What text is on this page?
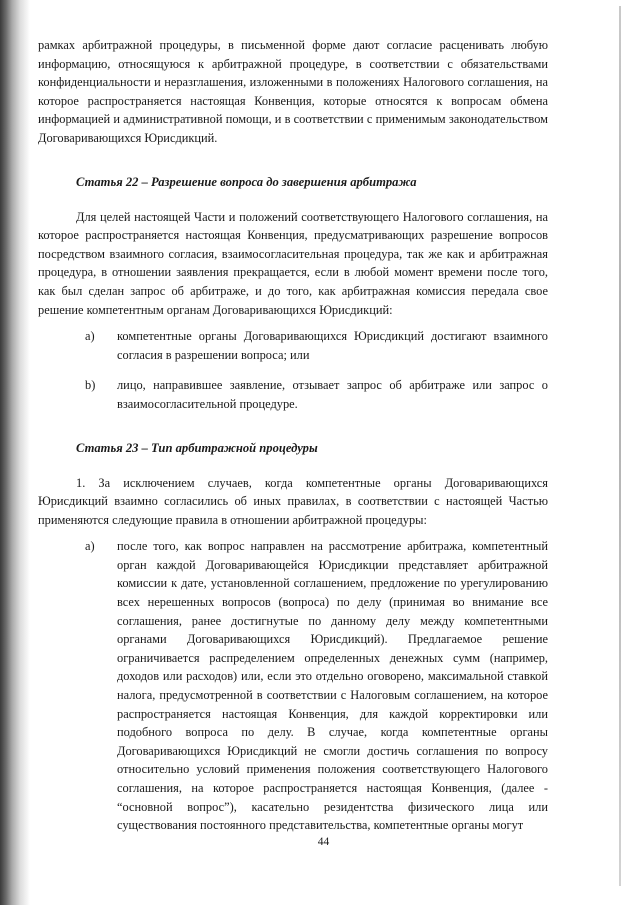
рамках арбитражной процедуры, в письменной форме дают согласие расценивать любую информацию, относящуюся к арбитражной процедуре, в соответствии с обязательствами конфиденциальности и неразглашения, изложенными в положениях Налогового соглашения, на которое распространяется настоящая Конвенция, которые относятся к вопросам обмена информацией и административной помощи, и в соответствии с применимым законодательством Договаривающихся Юрисдикций.

Статья 22 – Разрешение вопроса до завершения арбитража

Для целей настоящей Части и положений соответствующего Налогового соглашения, на которое распространяется настоящая Конвенция, предусматривающих разрешение вопросов посредством взаимного согласия, взаимосогласительная процедура, так же как и арбитражная процедура, в отношении заявления прекращается, если в любой момент времени после того, как был сделан запрос об арбитраже, и до того, как арбитражная комиссия передала свое решение компетентным органам Договаривающихся Юрисдикций:

a)	компетентные органы Договаривающихся Юрисдикций достигают взаимного согласия в разрешении вопроса; или
b)	лицо, направившее заявление, отзывает запрос об арбитраже или запрос о взаимосогласительной процедуре.
Статья 23 – Тип арбитражной процедуры

1. За исключением случаев, когда компетентные органы Договаривающихся Юрисдикций взаимно согласились об иных правилах, в соответствии с настоящей Частью применяются следующие правила в отношении арбитражной процедуры:

a)	после того, как вопрос направлен на рассмотрение арбитража, компетентный орган каждой Договаривающейся Юрисдикции представляет арбитражной комиссии к дате, установленной соглашением, предложение по урегулированию всех нерешенных вопросов (вопроса) по делу (принимая во внимание все соглашения, ранее достигнутые по данному делу между компетентными органами Договаривающихся Юрисдикций). Предлагаемое решение ограничивается распределением определенных денежных сумм (например, доходов или расходов) или, если это отдельно оговорено, максимальной ставкой налога, предусмотренной в соответствии с Налоговым соглашением, на которое распространяется настоящая Конвенция, для каждой корректировки или подобного вопроса по делу. В случае, когда компетентные органы Договаривающихся Юрисдикций не смогли достичь соглашения по вопросу относительно условий применения положения соответствующего Налогового соглашения, на которое распространяется настоящая Конвенция, (далее - “основной вопрос”), касательно резидентства физического лица или существования постоянного представительства, компетентные органы могут
44
